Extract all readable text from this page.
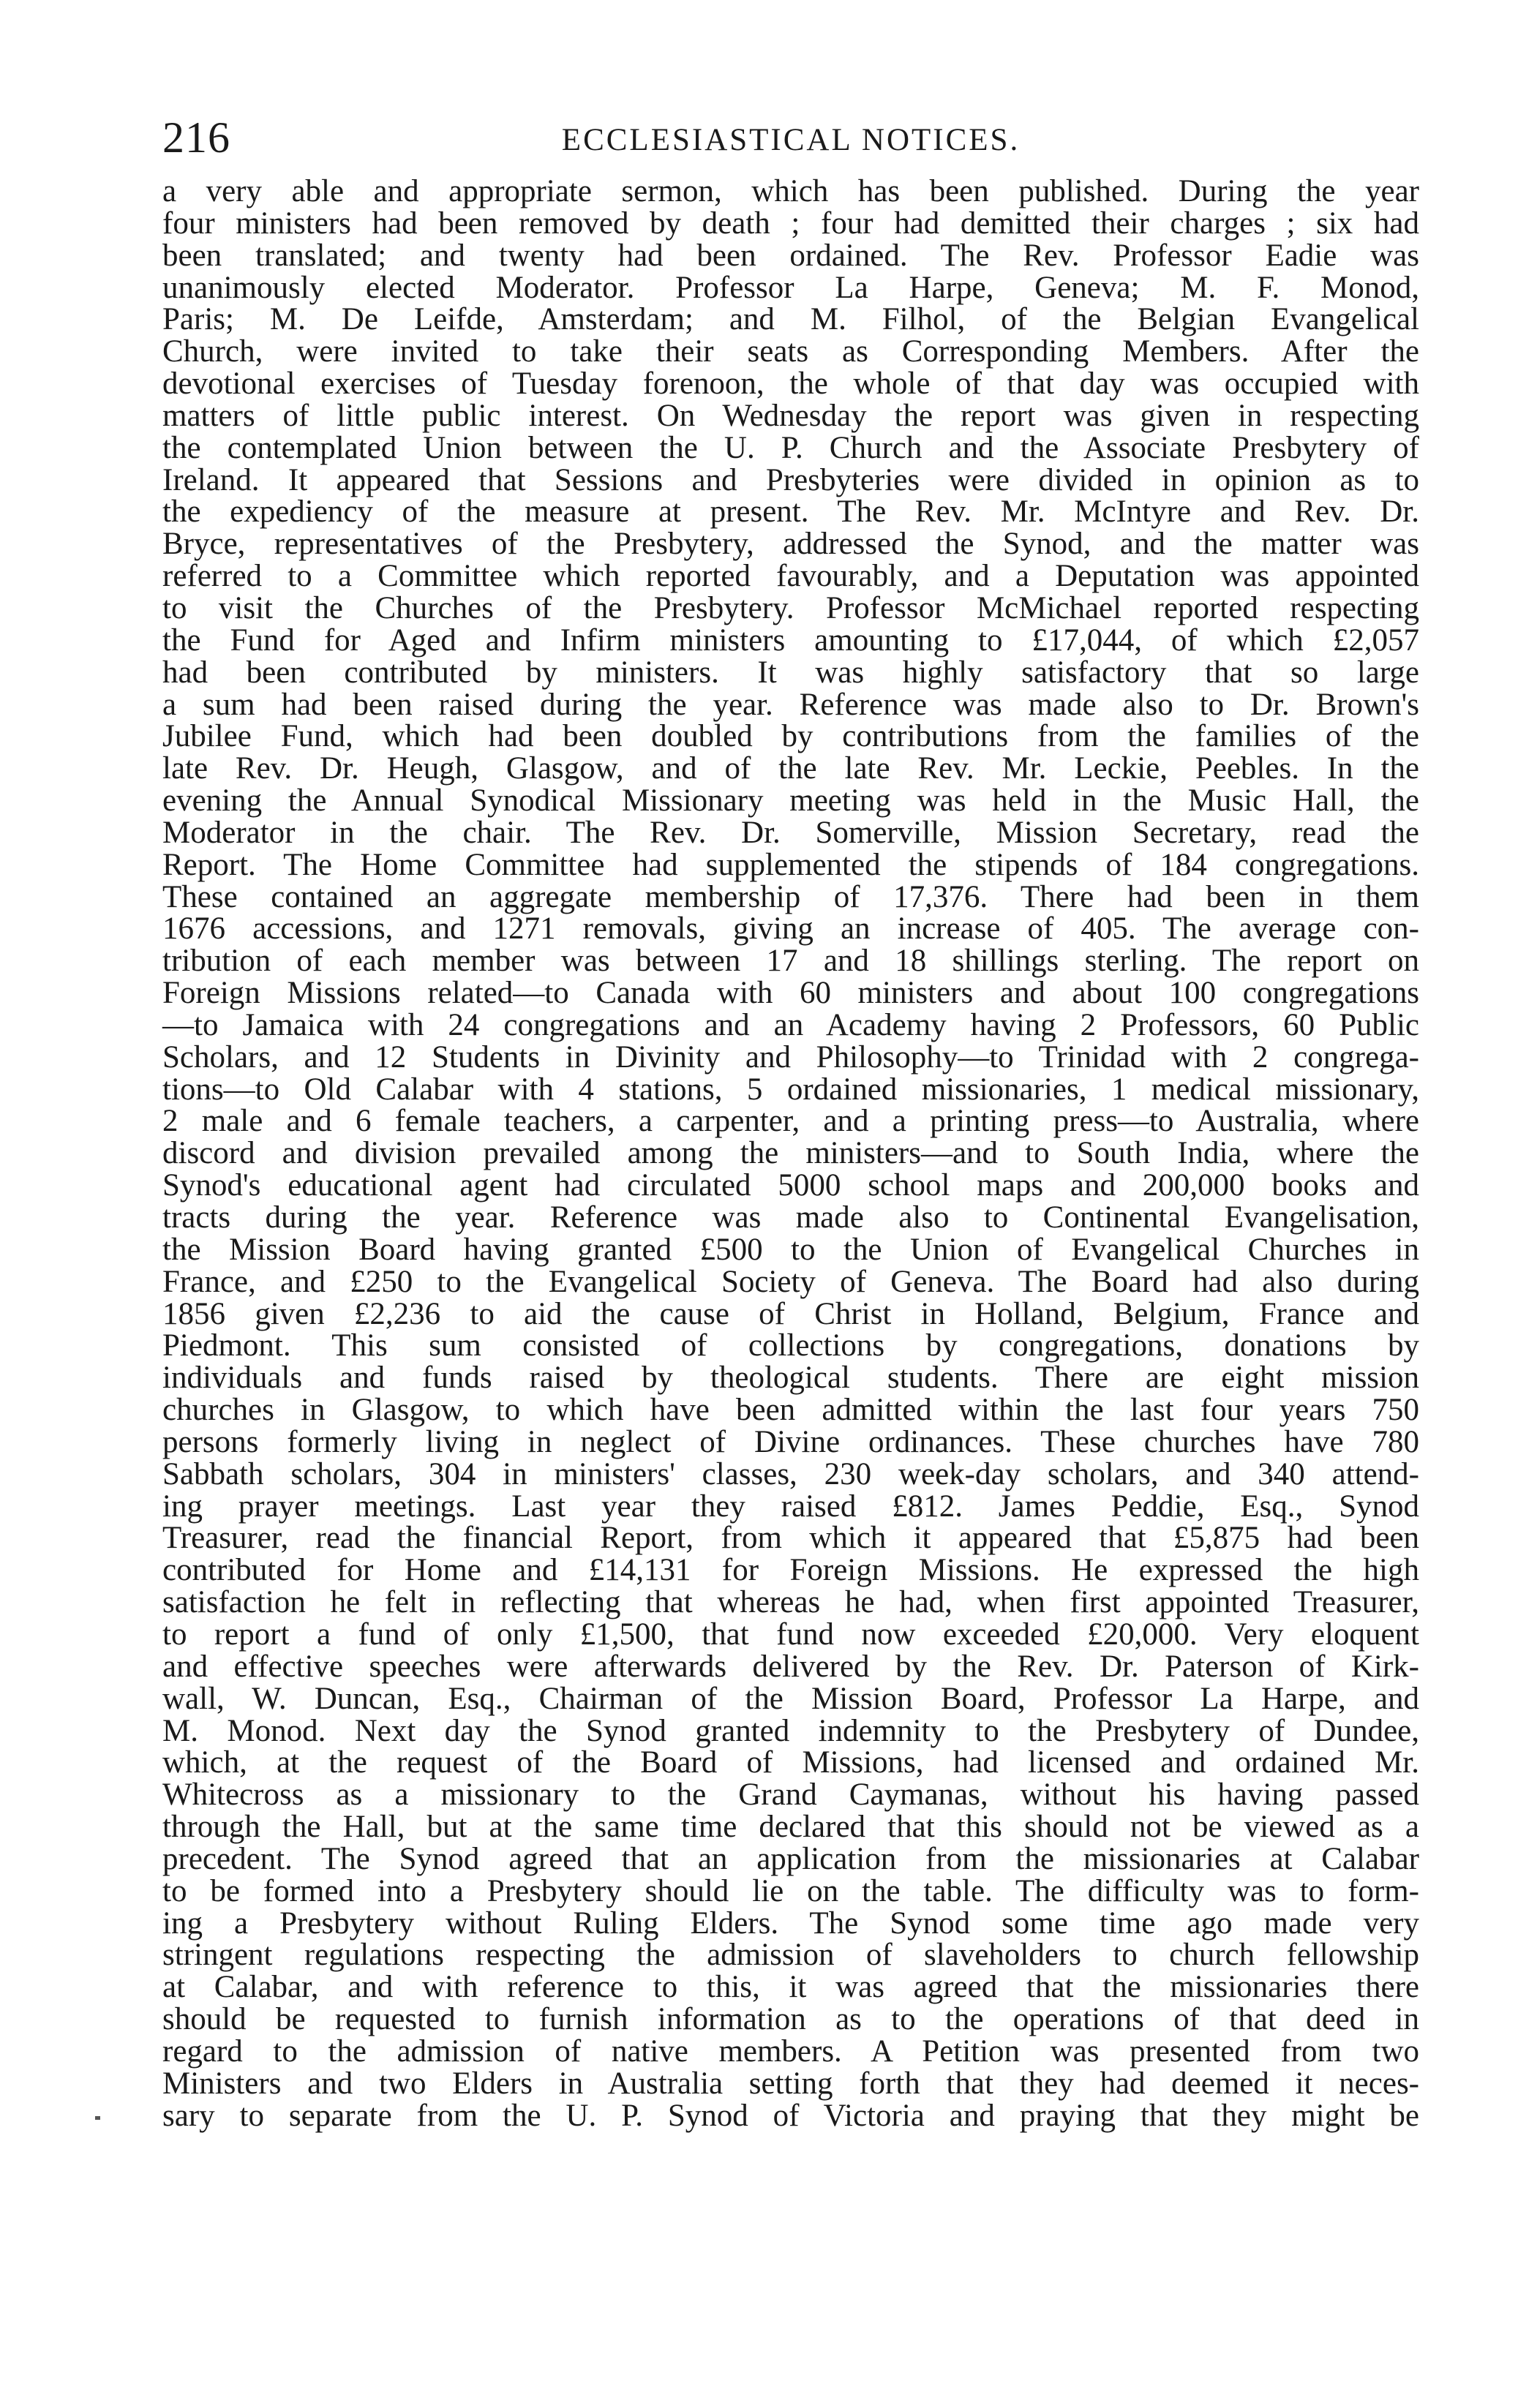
216	ECCLESIASTICAL NOTICES.
a very able and appropriate sermon, which has been published. During the year
four ministers had been removed by death ; four had demitted their charges ; six had
been translated; and twenty had been ordained. The Rev. Professor Eadie was
unanimously elected Moderator. Professor La Harpe, Geneva; M. F. Monod,
Paris; M. De Leifde, Amsterdam; and M. Filhol, of the Belgian Evangelical
Church, were invited to take their seats as Corresponding Members. After the
devotional exercises of Tuesday forenoon, the whole of that day was occupied with
matters of little public interest. On Wednesday the report was given in respecting
the contemplated Union between the U. P. Church and the Associate Presbytery of
Ireland. It appeared that Sessions and Presbyteries were divided in opinion as to
the expediency of the measure at present. The Rev. Mr. McIntyre and Rev. Dr.
Bryce, representatives of the Presbytery, addressed the Synod, and the matter was
referred to a Committee which reported favourably, and a Deputation was appointed
to visit the Churches of the Presbytery. Professor McMichael reported respecting
the Fund for Aged and Infirm ministers amounting to £17,044, of which £2,057
had been contributed by ministers. It was highly satisfactory that so large
a sum had been raised during the year. Reference was made also to Dr. Brown's
Jubilee Fund, which had been doubled by contributions from the families of the
late Rev. Dr. Heugh, Glasgow, and of the late Rev. Mr. Leckie, Peebles. In the
evening the Annual Synodical Missionary meeting was held in the Music Hall, the
Moderator in the chair. The Rev. Dr. Somerville, Mission Secretary, read the
Report. The Home Committee had supplemented the stipends of 184 congregations.
These contained an aggregate membership of 17,376. There had been in them
1676 accessions, and 1271 removals, giving an increase of 405. The average con-
tribution of each member was between 17 and 18 shillings sterling. The report on
Foreign Missions related—to Canada with 60 ministers and about 100 congregations
—to Jamaica with 24 congregations and an Academy having 2 Professors, 60 Public
Scholars, and 12 Students in Divinity and Philosophy—to Trinidad with 2 congrega-
tions—to Old Calabar with 4 stations, 5 ordained missionaries, 1 medical missionary,
2 male and 6 female teachers, a carpenter, and a printing press—to Australia, where
discord and division prevailed among the ministers—and to South India, where the
Synod's educational agent had circulated 5000 school maps and 200,000 books and
tracts during the year. Reference was made also to Continental Evangelisation,
the Mission Board having granted £500 to the Union of Evangelical Churches in
France, and £250 to the Evangelical Society of Geneva. The Board had also during
1856 given £2,236 to aid the cause of Christ in Holland, Belgium, France and
Piedmont. This sum consisted of collections by congregations, donations by
individuals and funds raised by theological students. There are eight mission
churches in Glasgow, to which have been admitted within the last four years 750
persons formerly living in neglect of Divine ordinances. These churches have 780
Sabbath scholars, 304 in ministers' classes, 230 week-day scholars, and 340 attend-
ing prayer meetings. Last year they raised £812. James Peddie, Esq., Synod
Treasurer, read the financial Report, from which it appeared that £5,875 had been
contributed for Home and £14,131 for Foreign Missions. He expressed the high
satisfaction he felt in reflecting that whereas he had, when first appointed Treasurer,
to report a fund of only £1,500, that fund now exceeded £20,000. Very eloquent
and effective speeches were afterwards delivered by the Rev. Dr. Paterson of Kirk-
wall, W. Duncan, Esq., Chairman of the Mission Board, Professor La Harpe, and
M. Monod. Next day the Synod granted indemnity to the Presbytery of Dundee,
which, at the request of the Board of Missions, had licensed and ordained Mr.
Whitecross as a missionary to the Grand Caymanas, without his having passed
through the Hall, but at the same time declared that this should not be viewed as a
precedent. The Synod agreed that an application from the missionaries at Calabar
to be formed into a Presbytery should lie on the table. The difficulty was to form-
ing a Presbytery without Ruling Elders. The Synod some time ago made very
stringent regulations respecting the admission of slaveholders to church fellowship
at Calabar, and with reference to this, it was agreed that the missionaries there
should be requested to furnish information as to the operations of that deed in
regard to the admission of native members. A Petition was presented from two
Ministers and two Elders in Australia setting forth that they had deemed it neces-
sary to separate from the U. P. Synod of Victoria and praying that they might be
